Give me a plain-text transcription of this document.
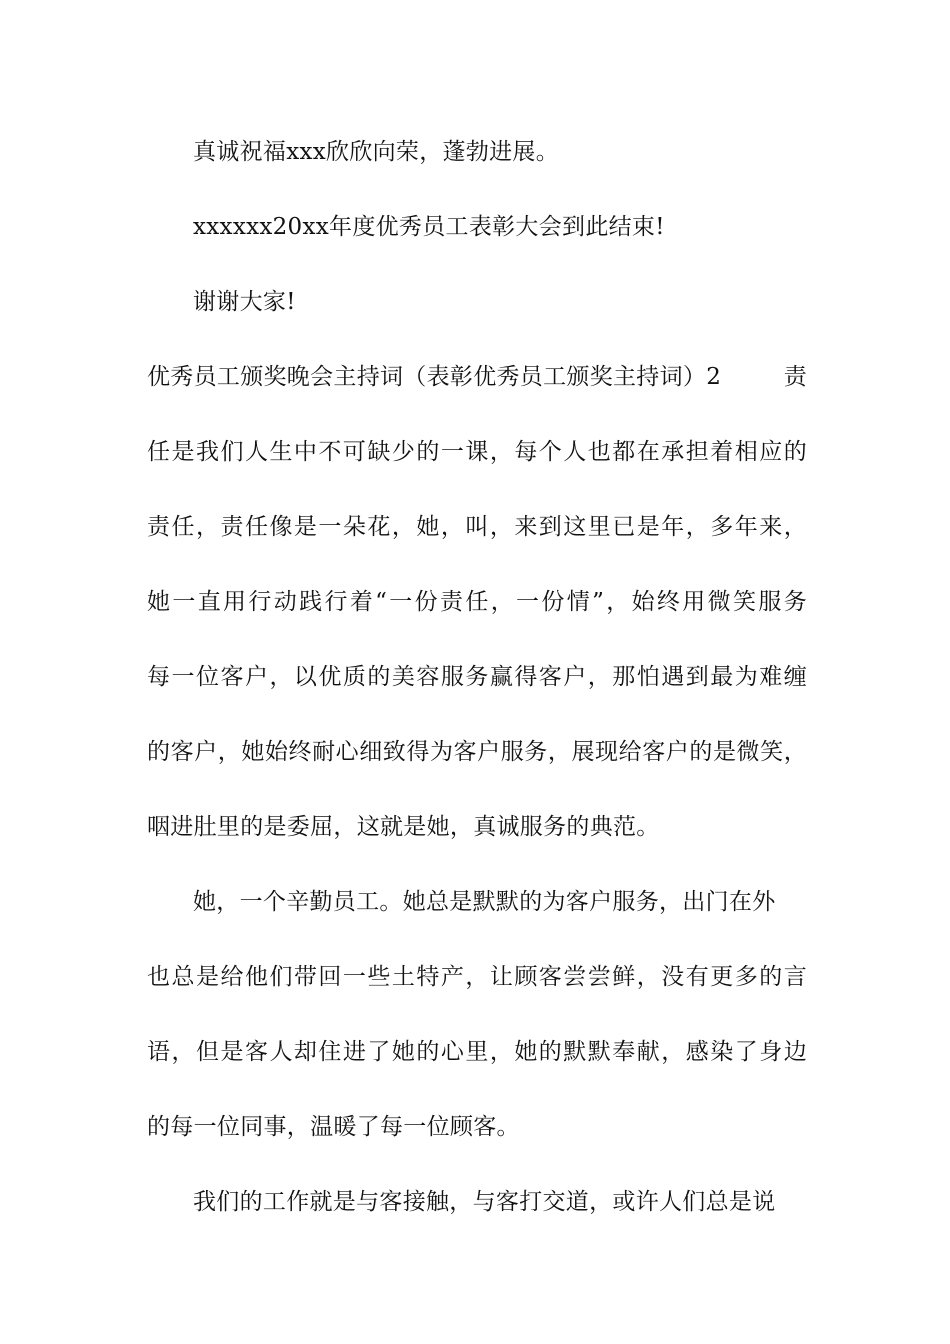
真诚祝福xxx欣欣向荣，蓬勃进展。
xxxxxx20xx年度优秀员工表彰大会到此结束!
谢谢大家!
优秀员工颁奖晚会主持词（表彰优秀员工颁奖主持词）2	责
任是我们人生中不可缺少的一课，每个人也都在承担着相应的
责任，责任像是一朵花，她，叫，来到这里已是年，多年来，
她一直用行动践行着“一份责任，一份情”，始终用微笑服务
每一位客户，以优质的美容服务赢得客户，那怕遇到最为难缠
的客户，她始终耐心细致得为客户服务，展现给客户的是微笑，
咽进肚里的是委屈，这就是她，真诚服务的典范。
她，一个辛勤员工。她总是默默的为客户服务，出门在外
也总是给他们带回一些土特产，让顾客尝尝鲜，没有更多的言
语，但是客人却住进了她的心里，她的默默奉献，感染了身边
的每一位同事，温暖了每一位顾客。
我们的工作就是与客接触，与客打交道，或许人们总是说
